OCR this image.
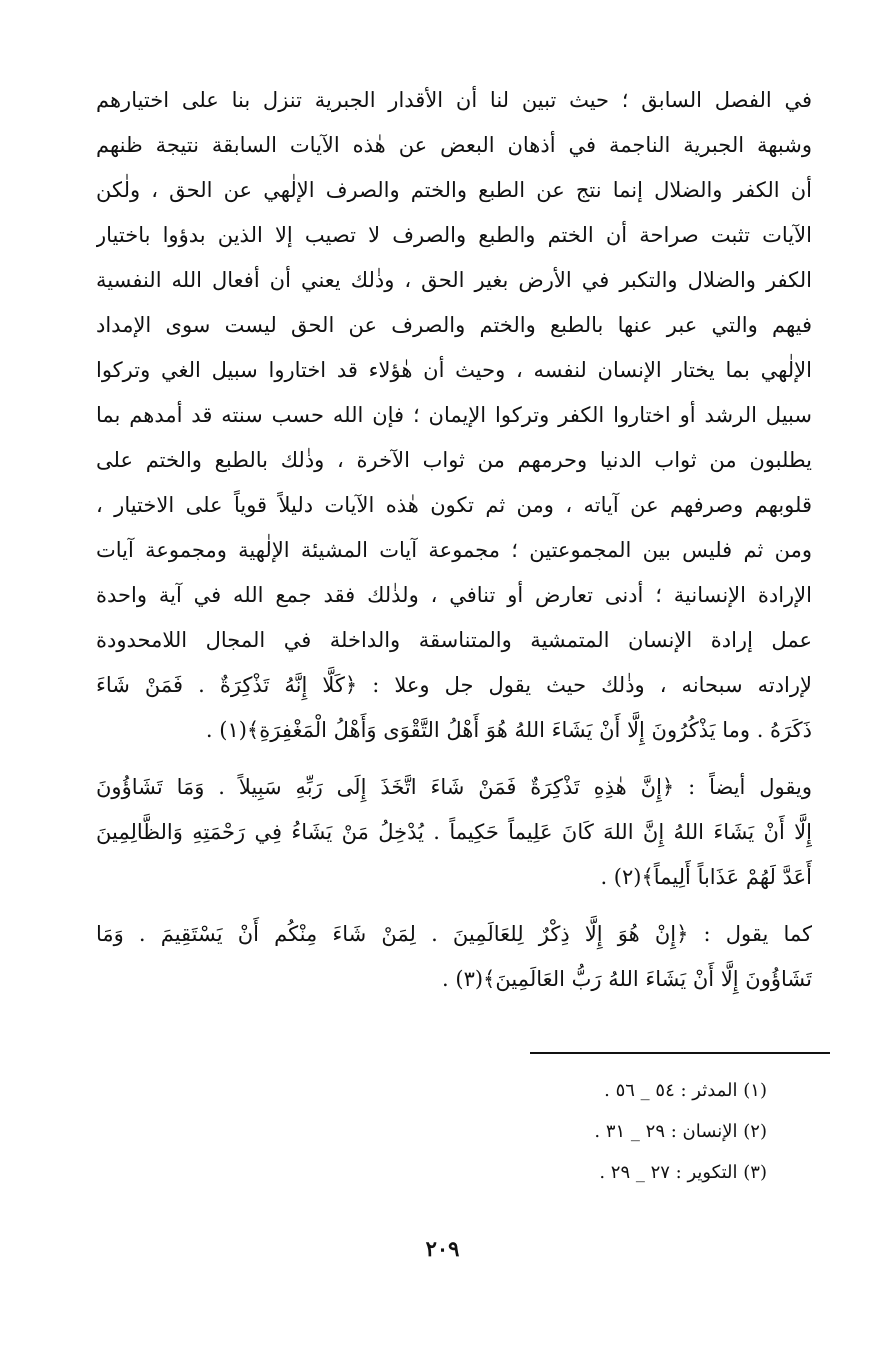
في الفصل السابق ؛ حيث تبين لنا أن الأقدار الجبرية تنزل بنا على اختيارهم
وشبهة الجبرية الناجمة في أذهان البعض عن هٰذه الآيات السابقة نتيجة ظنهم
أن الكفر والضلال إنما نتج عن الطبع والختم والصرف الإلٰهي عن الحق ، ولٰكن
الآيات تثبت صراحة أن الختم والطبع والصرف لا تصيب إلا الذين بدؤوا باختيار
الكفر والضلال والتكبر في الأرض بغير الحق ، وذٰلك يعني أن أفعال الله النفسية
فيهم والتي عبر عنها بالطبع والختم والصرف عن الحق ليست سوى الإمداد
الإلٰهي بما يختار الإنسان لنفسه ، وحيث أن هٰؤلاء قد اختاروا سبيل الغي وتركوا
سبيل الرشد أو اختاروا الكفر وتركوا الإيمان ؛ فإن الله حسب سنته قد أمدهم بما
يطلبون من ثواب الدنيا وحرمهم من ثواب الآخرة ، وذٰلك بالطبع والختم على
قلوبهم وصرفهم عن آياته ، ومن ثم تكون هٰذه الآيات دليلاً قوياً على الاختيار ،
ومن ثم فليس بين المجموعتين ؛ مجموعة آيات المشيئة الإلٰهية ومجموعة آيات
الإرادة الإنسانية ؛ أدنى تعارض أو تنافي ، ولذٰلك فقد جمع الله في آية واحدة
عمل إرادة الإنسان المتمشية والمتناسقة والداخلة في المجال اللامحدودة
لإرادته سبحانه ، وذٰلك حيث يقول جل وعلا : ﴿كَلَّا إِنَّهُ تَذْكِرَةٌ . فَمَنْ شَاءَ
ذَكَرَهُ . وما يَذْكُرُونَ إِلَّا أَنْ يَشَاءَ اللهُ هُوَ أَهْلُ التَّقْوَى وَأَهْلُ الْمَغْفِرَةِ﴾(١) .
ويقول أيضاً : ﴿إِنَّ هٰذِهِ تَذْكِرَةٌ فَمَنْ شَاءَ اتَّخَذَ إِلَى رَبِّهِ سَبِيلاً . وَمَا تَشَاؤُونَ
إِلَّا أَنْ يَشَاءَ اللهُ إِنَّ اللهَ كَانَ عَلِيماً حَكِيماً . يُدْخِلُ مَنْ يَشَاءُ فِي رَحْمَتِهِ وَالظَّالِمِينَ
أَعَدَّ لَهُمْ عَذَاباً أَلِيماً﴾(٢) .
كما يقول : ﴿إِنْ هُوَ إِلَّا ذِكْرٌ لِلعَالَمِينَ . لِمَنْ شَاءَ مِنْكُم أَنْ يَسْتَقِيمَ . وَمَا
تَشَاؤُونَ إِلَّا أَنْ يَشَاءَ اللهُ رَبُّ العَالَمِينَ﴾(٣) .
(١) المدثر : ٥٤ _ ٥٦ .
(٢) الإنسان : ٢٩ _ ٣١ .
(٣) التكوير : ٢٧ _ ٢٩ .
٢٠٩
